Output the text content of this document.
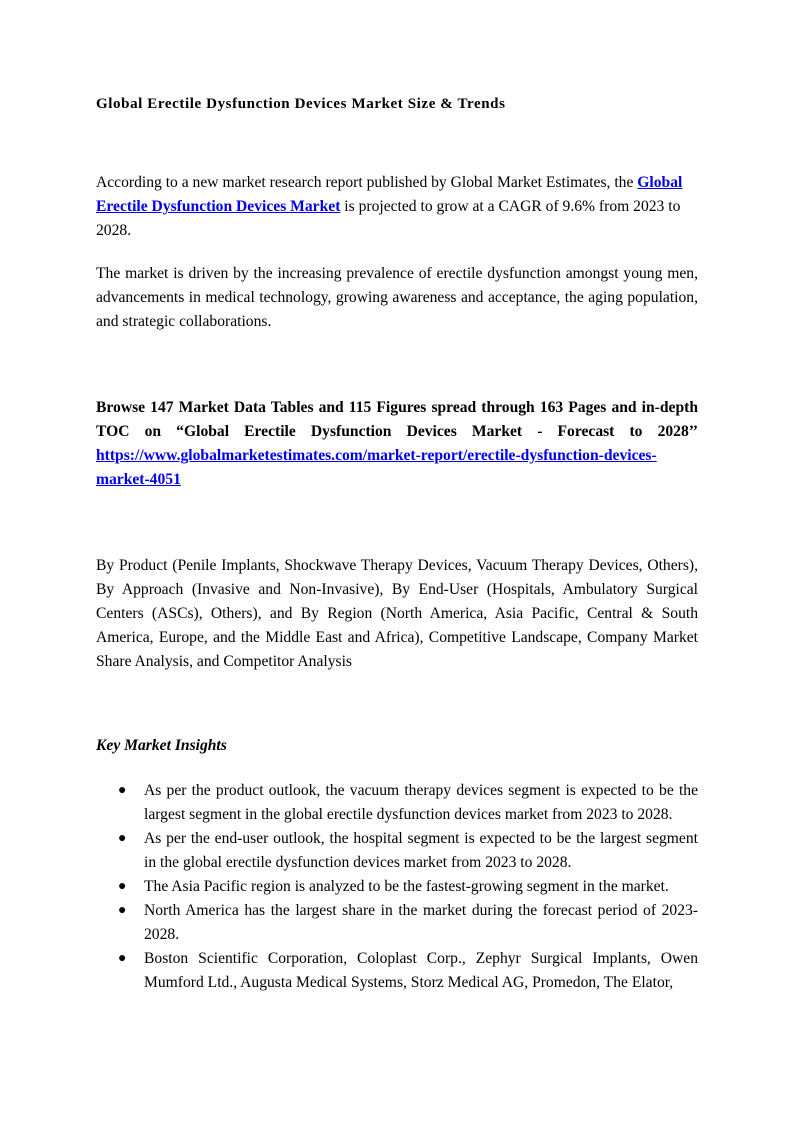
Global Erectile Dysfunction Devices Market Size & Trends

According to a new market research report published by Global Market Estimates, the Global Erectile Dysfunction Devices Market is projected to grow at a CAGR of 9.6% from 2023 to 2028.

The market is driven by the increasing prevalence of erectile dysfunction amongst young men, advancements in medical technology, growing awareness and acceptance, the aging population, and strategic collaborations.

Browse 147 Market Data Tables and 115 Figures spread through 163 Pages and in-depth TOC on “Global Erectile Dysfunction Devices Market - Forecast to 2028’’ https://www.globalmarketestimates.com/market-report/erectile-dysfunction-devices-market-4051

By Product (Penile Implants, Shockwave Therapy Devices, Vacuum Therapy Devices, Others), By Approach (Invasive and Non-Invasive), By End-User (Hospitals, Ambulatory Surgical Centers (ASCs), Others), and By Region (North America, Asia Pacific, Central & South America, Europe, and the Middle East and Africa), Competitive Landscape, Company Market Share Analysis, and Competitor Analysis

Key Market Insights
● As per the product outlook, the vacuum therapy devices segment is expected to be the largest segment in the global erectile dysfunction devices market from 2023 to 2028.
● As per the end-user outlook, the hospital segment is expected to be the largest segment in the global erectile dysfunction devices market from 2023 to 2028.
● The Asia Pacific region is analyzed to be the fastest-growing segment in the market.
● North America has the largest share in the market during the forecast period of 2023-2028.
● Boston Scientific Corporation, Coloplast Corp., Zephyr Surgical Implants, Owen Mumford Ltd., Augusta Medical Systems, Storz Medical AG, Promedon, The Elator,
